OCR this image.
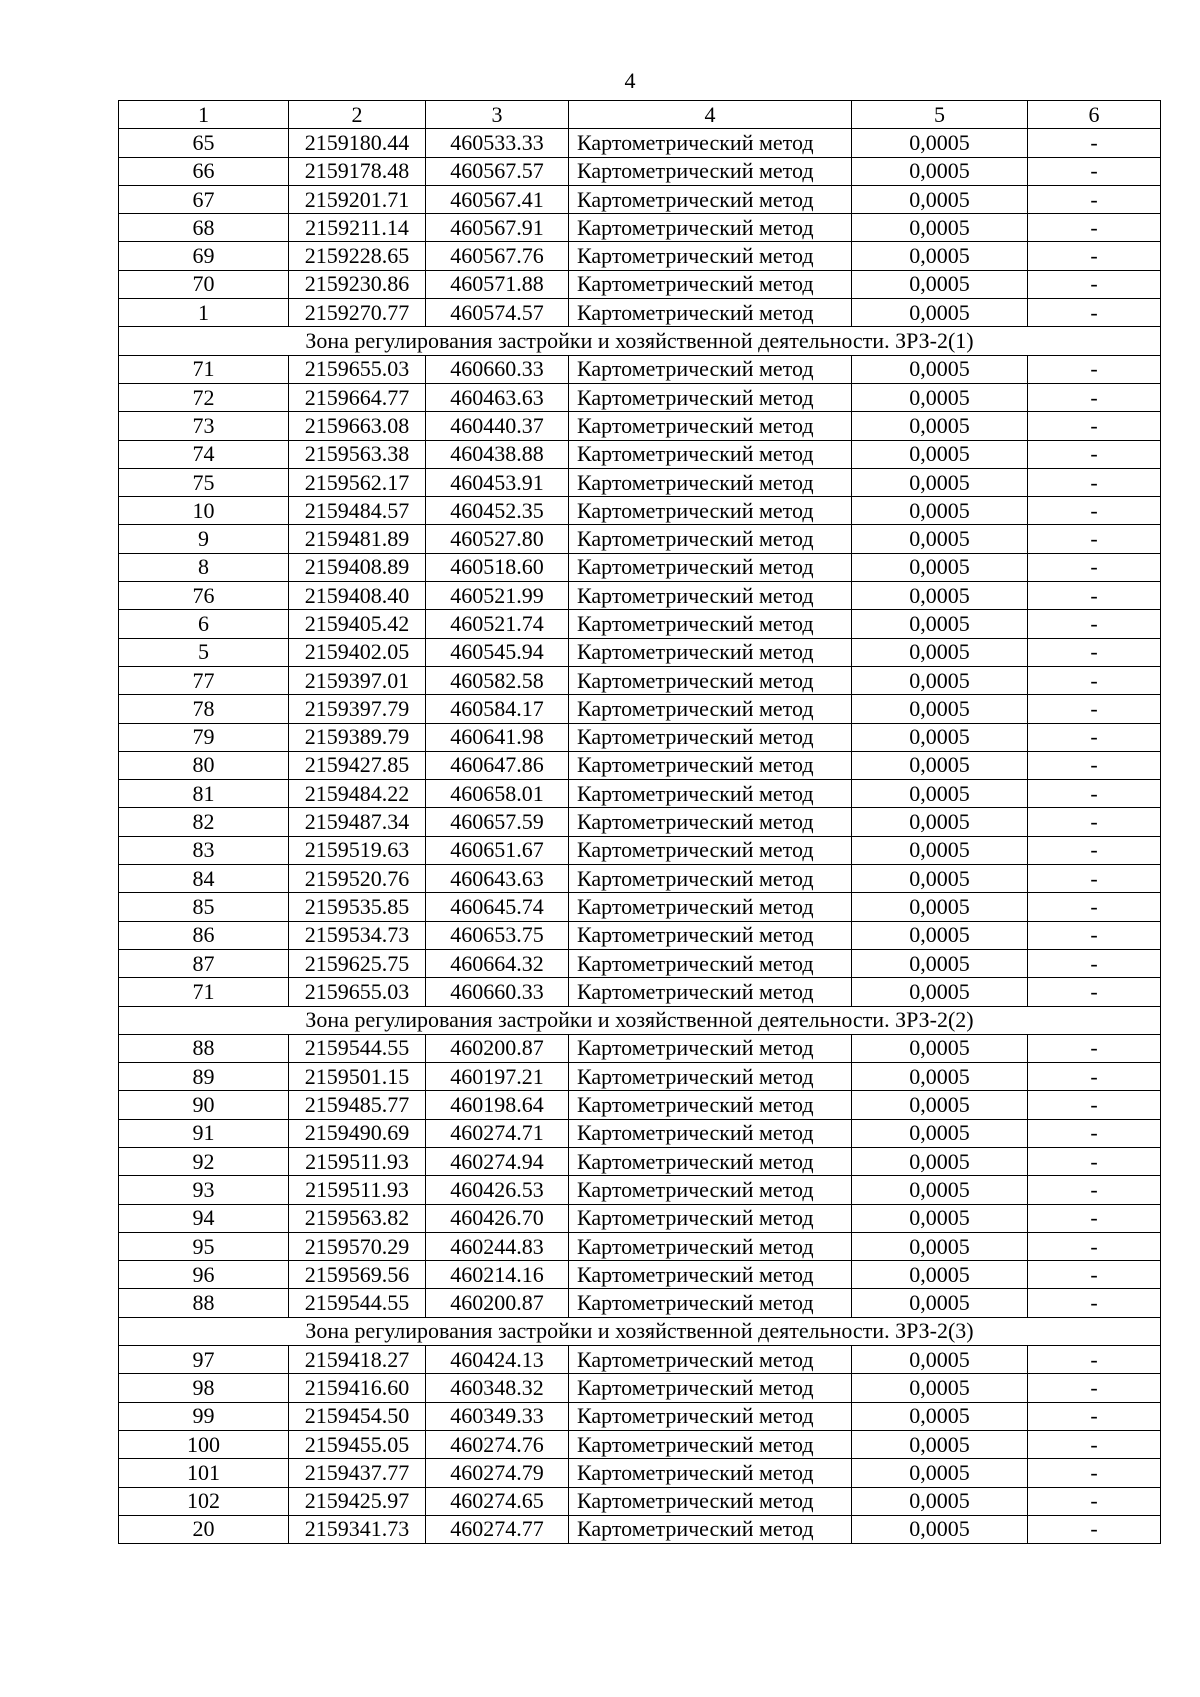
4
1	2	3	4	5	6
65	2159180.44	460533.33	Картометрический метод	0,0005	-
66	2159178.48	460567.57	Картометрический метод	0,0005	-
67	2159201.71	460567.41	Картометрический метод	0,0005	-
68	2159211.14	460567.91	Картометрический метод	0,0005	-
69	2159228.65	460567.76	Картометрический метод	0,0005	-
70	2159230.86	460571.88	Картометрический метод	0,0005	-
1	2159270.77	460574.57	Картометрический метод	0,0005	-
Зона регулирования застройки и хозяйственной деятельности. ЗРЗ-2(1)					
71	2159655.03	460660.33	Картометрический метод	0,0005	-
72	2159664.77	460463.63	Картометрический метод	0,0005	-
73	2159663.08	460440.37	Картометрический метод	0,0005	-
74	2159563.38	460438.88	Картометрический метод	0,0005	-
75	2159562.17	460453.91	Картометрический метод	0,0005	-
10	2159484.57	460452.35	Картометрический метод	0,0005	-
9	2159481.89	460527.80	Картометрический метод	0,0005	-
8	2159408.89	460518.60	Картометрический метод	0,0005	-
76	2159408.40	460521.99	Картометрический метод	0,0005	-
6	2159405.42	460521.74	Картометрический метод	0,0005	-
5	2159402.05	460545.94	Картометрический метод	0,0005	-
77	2159397.01	460582.58	Картометрический метод	0,0005	-
78	2159397.79	460584.17	Картометрический метод	0,0005	-
79	2159389.79	460641.98	Картометрический метод	0,0005	-
80	2159427.85	460647.86	Картометрический метод	0,0005	-
81	2159484.22	460658.01	Картометрический метод	0,0005	-
82	2159487.34	460657.59	Картометрический метод	0,0005	-
83	2159519.63	460651.67	Картометрический метод	0,0005	-
84	2159520.76	460643.63	Картометрический метод	0,0005	-
85	2159535.85	460645.74	Картометрический метод	0,0005	-
86	2159534.73	460653.75	Картометрический метод	0,0005	-
87	2159625.75	460664.32	Картометрический метод	0,0005	-
71	2159655.03	460660.33	Картометрический метод	0,0005	-
Зона регулирования застройки и хозяйственной деятельности. ЗРЗ-2(2)					
88	2159544.55	460200.87	Картометрический метод	0,0005	-
89	2159501.15	460197.21	Картометрический метод	0,0005	-
90	2159485.77	460198.64	Картометрический метод	0,0005	-
91	2159490.69	460274.71	Картометрический метод	0,0005	-
92	2159511.93	460274.94	Картометрический метод	0,0005	-
93	2159511.93	460426.53	Картометрический метод	0,0005	-
94	2159563.82	460426.70	Картометрический метод	0,0005	-
95	2159570.29	460244.83	Картометрический метод	0,0005	-
96	2159569.56	460214.16	Картометрический метод	0,0005	-
88	2159544.55	460200.87	Картометрический метод	0,0005	-
Зона регулирования застройки и хозяйственной деятельности. ЗРЗ-2(3)					
97	2159418.27	460424.13	Картометрический метод	0,0005	-
98	2159416.60	460348.32	Картометрический метод	0,0005	-
99	2159454.50	460349.33	Картометрический метод	0,0005	-
100	2159455.05	460274.76	Картометрический метод	0,0005	-
101	2159437.77	460274.79	Картометрический метод	0,0005	-
102	2159425.97	460274.65	Картометрический метод	0,0005	-
20	2159341.73	460274.77	Картометрический метод	0,0005	-
